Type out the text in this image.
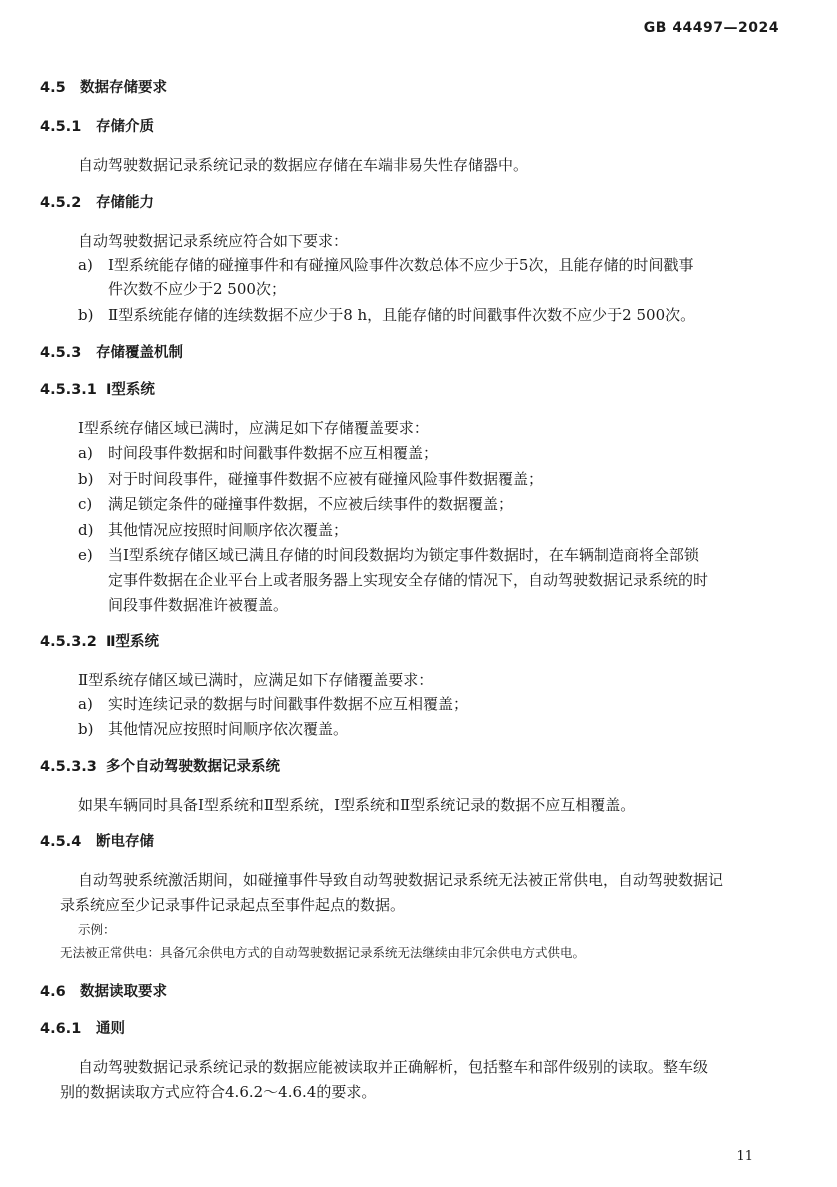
GB 44497—2024
4.5 数据存储要求
4.5.1 存储介质
自动驾驶数据记录系统记录的数据应存储在车端非易失性存储器中。
4.5.2 存储能力
自动驾驶数据记录系统应符合如下要求：
a) Ⅰ型系统能存储的碰撞事件和有碰撞风险事件次数总体不应少于5次，且能存储的时间戳事
件次数不应少于2 500次；
b) Ⅱ型系统能存储的连续数据不应少于8 h，且能存储的时间戳事件次数不应少于2 500次。
4.5.3 存储覆盖机制
4.5.3.1 Ⅰ型系统
Ⅰ型系统存储区域已满时，应满足如下存储覆盖要求：
a) 时间段事件数据和时间戳事件数据不应互相覆盖；
b) 对于时间段事件，碰撞事件数据不应被有碰撞风险事件数据覆盖；
c) 满足锁定条件的碰撞事件数据，不应被后续事件的数据覆盖；
d) 其他情况应按照时间顺序依次覆盖；
e) 当Ⅰ型系统存储区域已满且存储的时间段数据均为锁定事件数据时，在车辆制造商将全部锁
定事件数据在企业平台上或者服务器上实现安全存储的情况下，自动驾驶数据记录系统的时
间段事件数据准许被覆盖。
4.5.3.2 Ⅱ型系统
Ⅱ型系统存储区域已满时，应满足如下存储覆盖要求：
a) 实时连续记录的数据与时间戳事件数据不应互相覆盖；
b) 其他情况应按照时间顺序依次覆盖。
4.5.3.3 多个自动驾驶数据记录系统
如果车辆同时具备Ⅰ型系统和Ⅱ型系统，Ⅰ型系统和Ⅱ型系统记录的数据不应互相覆盖。
4.5.4 断电存储
自动驾驶系统激活期间，如碰撞事件导致自动驾驶数据记录系统无法被正常供电，自动驾驶数据记
录系统应至少记录事件记录起点至事件起点的数据。
示例：
无法被正常供电：具备冗余供电方式的自动驾驶数据记录系统无法继续由非冗余供电方式供电。
4.6 数据读取要求
4.6.1 通则
自动驾驶数据记录系统记录的数据应能被读取并正确解析，包括整车和部件级别的读取。整车级
别的数据读取方式应符合4.6.2～4.6.4的要求。
11
